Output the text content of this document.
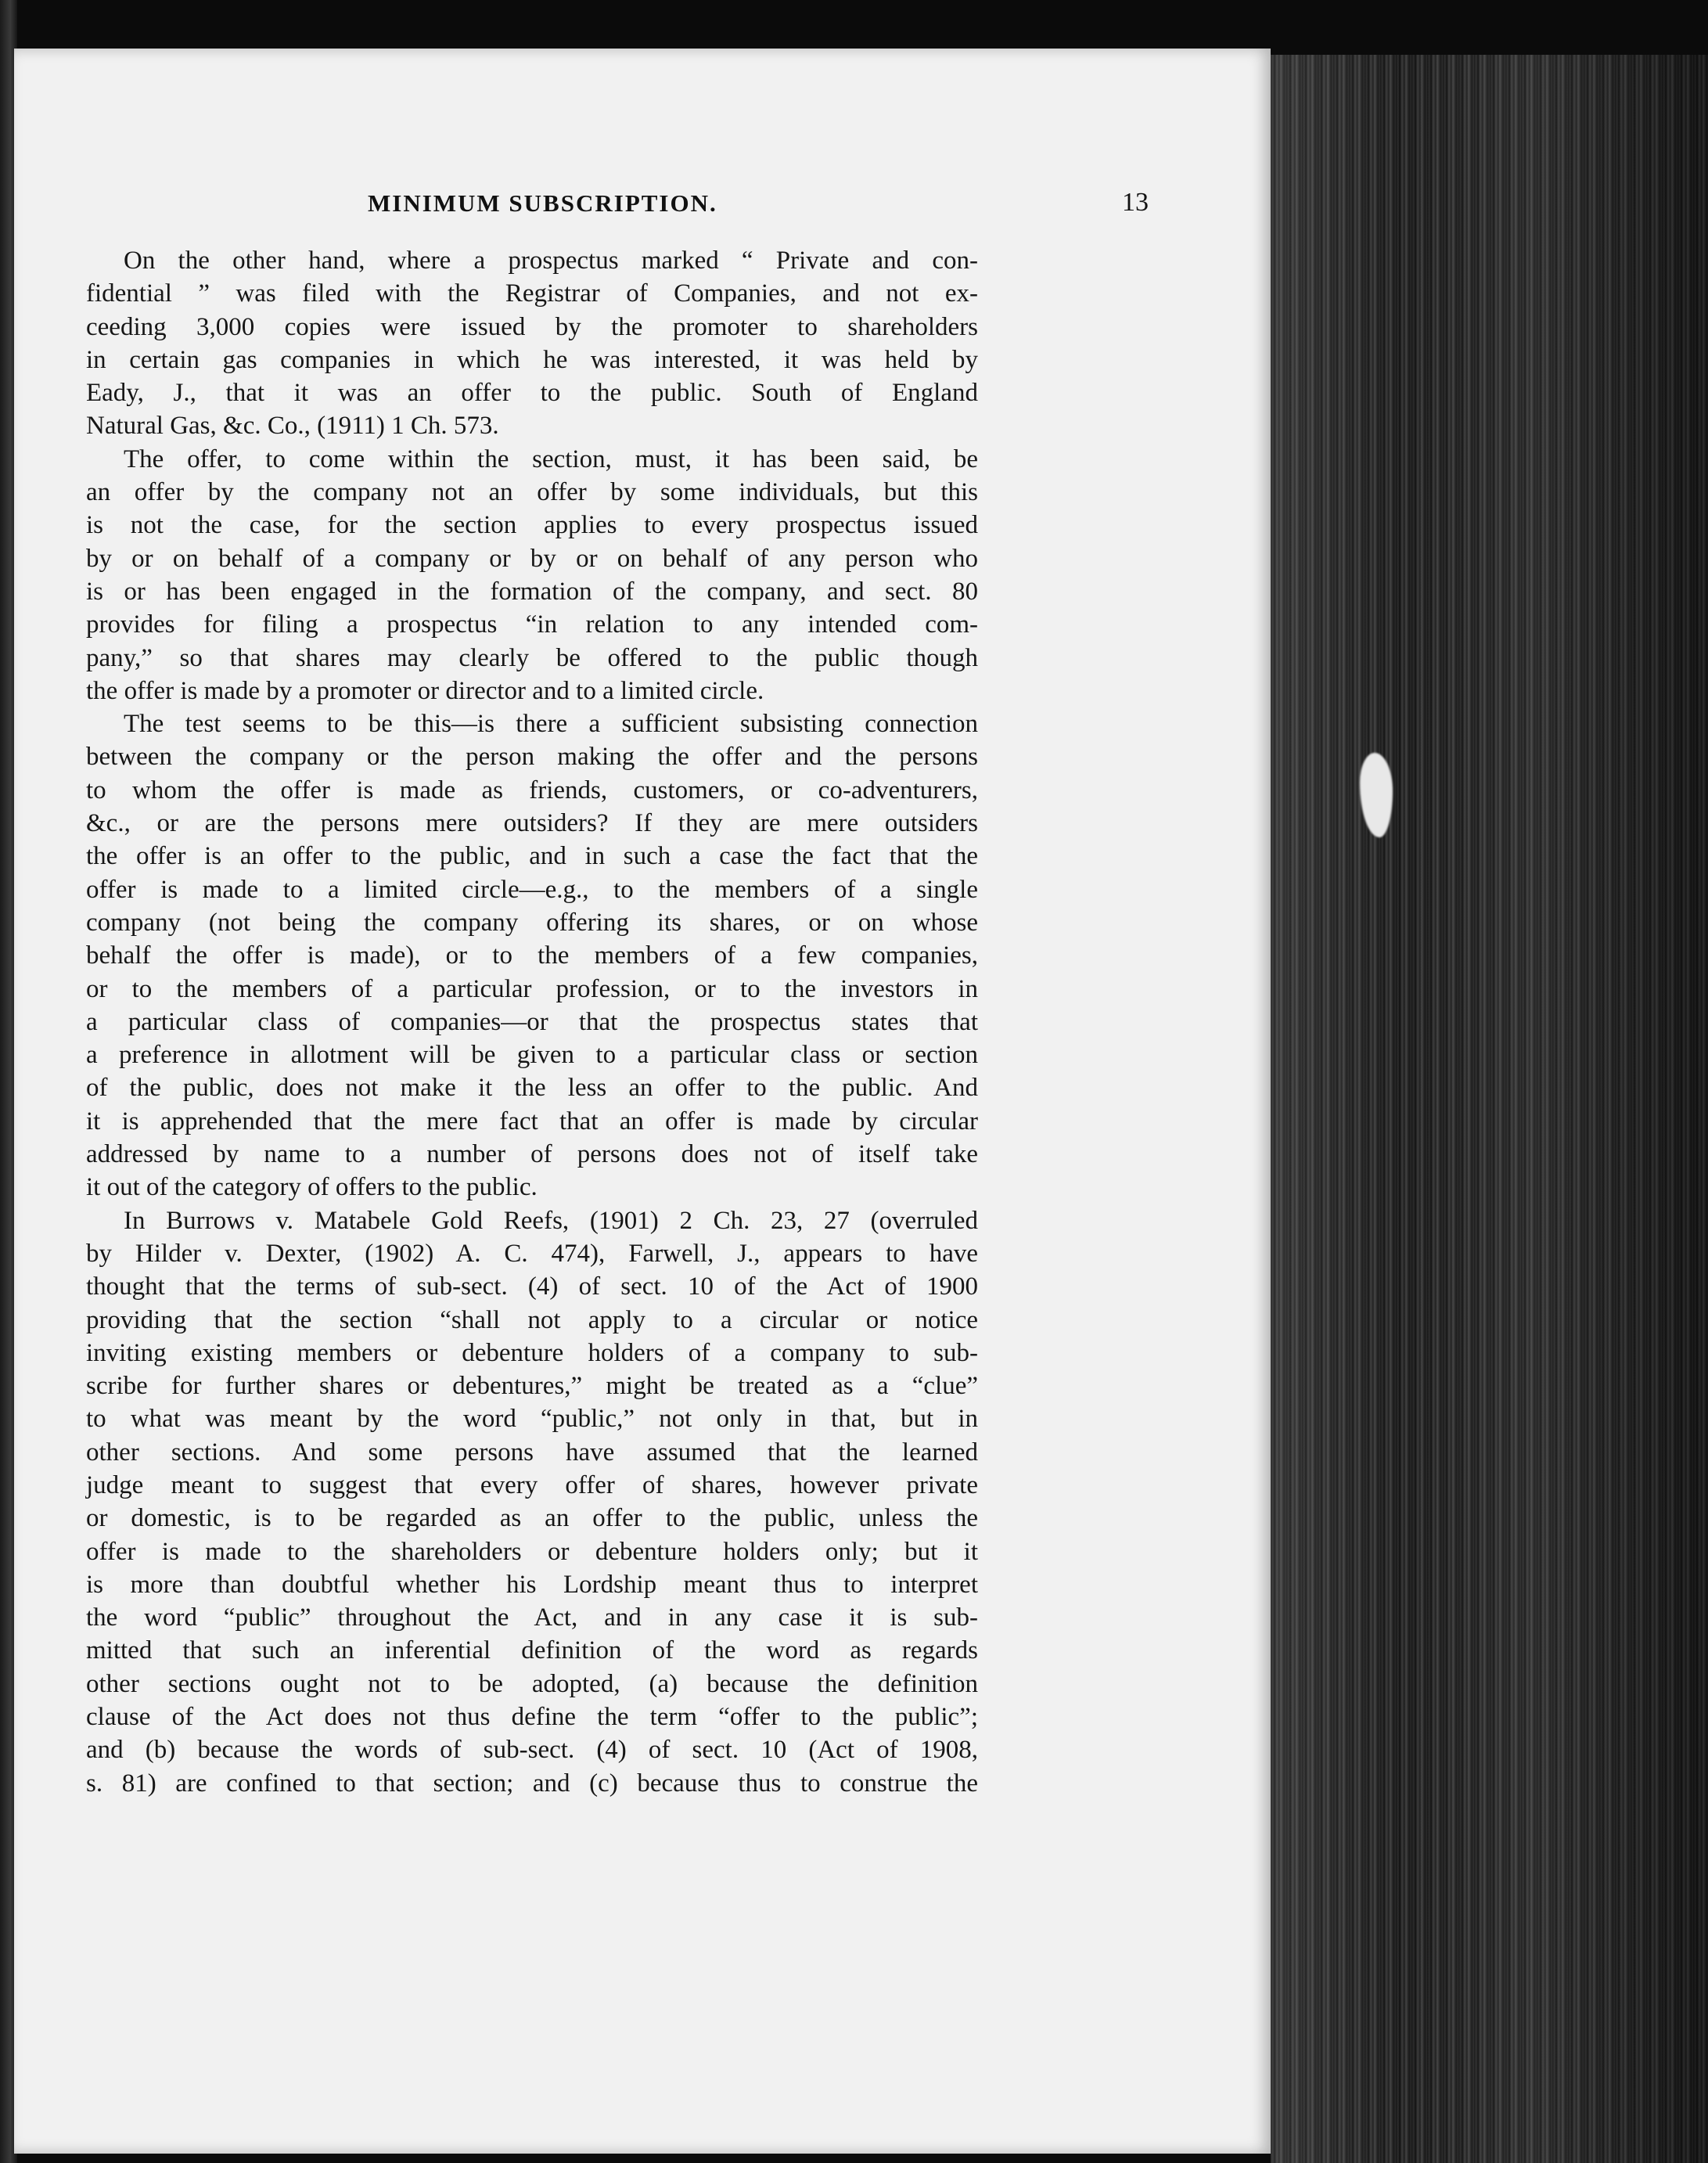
MINIMUM SUBSCRIPTION.	13
On the other hand, where a prospectus marked “ Private and con-
fidential ” was filed with the Registrar of Companies, and not ex-
ceeding 3,000 copies were issued by the promoter to shareholders
in certain gas companies in which he was interested, it was held by
Eady, J., that it was an offer to the public. South of England
Natural Gas, &c. Co., (1911) 1 Ch. 573.
The offer, to come within the section, must, it has been said, be
an offer by the company not an offer by some individuals, but this
is not the case, for the section applies to every prospectus issued
by or on behalf of a company or by or on behalf of any person who
is or has been engaged in the formation of the company, and sect. 80
provides for filing a prospectus “in relation to any intended com-
pany,” so that shares may clearly be offered to the public though
the offer is made by a promoter or director and to a limited circle.
The test seems to be this—is there a sufficient subsisting connection
between the company or the person making the offer and the persons
to whom the offer is made as friends, customers, or co-adventurers,
&c., or are the persons mere outsiders? If they are mere outsiders
the offer is an offer to the public, and in such a case the fact that the
offer is made to a limited circle—e.g., to the members of a single
company (not being the company offering its shares, or on whose
behalf the offer is made), or to the members of a few companies,
or to the members of a particular profession, or to the investors in
a particular class of companies—or that the prospectus states that
a preference in allotment will be given to a particular class or section
of the public, does not make it the less an offer to the public. And
it is apprehended that the mere fact that an offer is made by circular
addressed by name to a number of persons does not of itself take
it out of the category of offers to the public.
In Burrows v. Matabele Gold Reefs, (1901) 2 Ch. 23, 27 (overruled
by Hilder v. Dexter, (1902) A. C. 474), Farwell, J., appears to have
thought that the terms of sub-sect. (4) of sect. 10 of the Act of 1900
providing that the section “shall not apply to a circular or notice
inviting existing members or debenture holders of a company to sub-
scribe for further shares or debentures,” might be treated as a “clue”
to what was meant by the word “public,” not only in that, but in
other sections. And some persons have assumed that the learned
judge meant to suggest that every offer of shares, however private
or domestic, is to be regarded as an offer to the public, unless the
offer is made to the shareholders or debenture holders only; but it
is more than doubtful whether his Lordship meant thus to interpret
the word “public” throughout the Act, and in any case it is sub-
mitted that such an inferential definition of the word as regards
other sections ought not to be adopted, (a) because the definition
clause of the Act does not thus define the term “offer to the public”;
and (b) because the words of sub-sect. (4) of sect. 10 (Act of 1908,
s. 81) are confined to that section; and (c) because thus to construe the
